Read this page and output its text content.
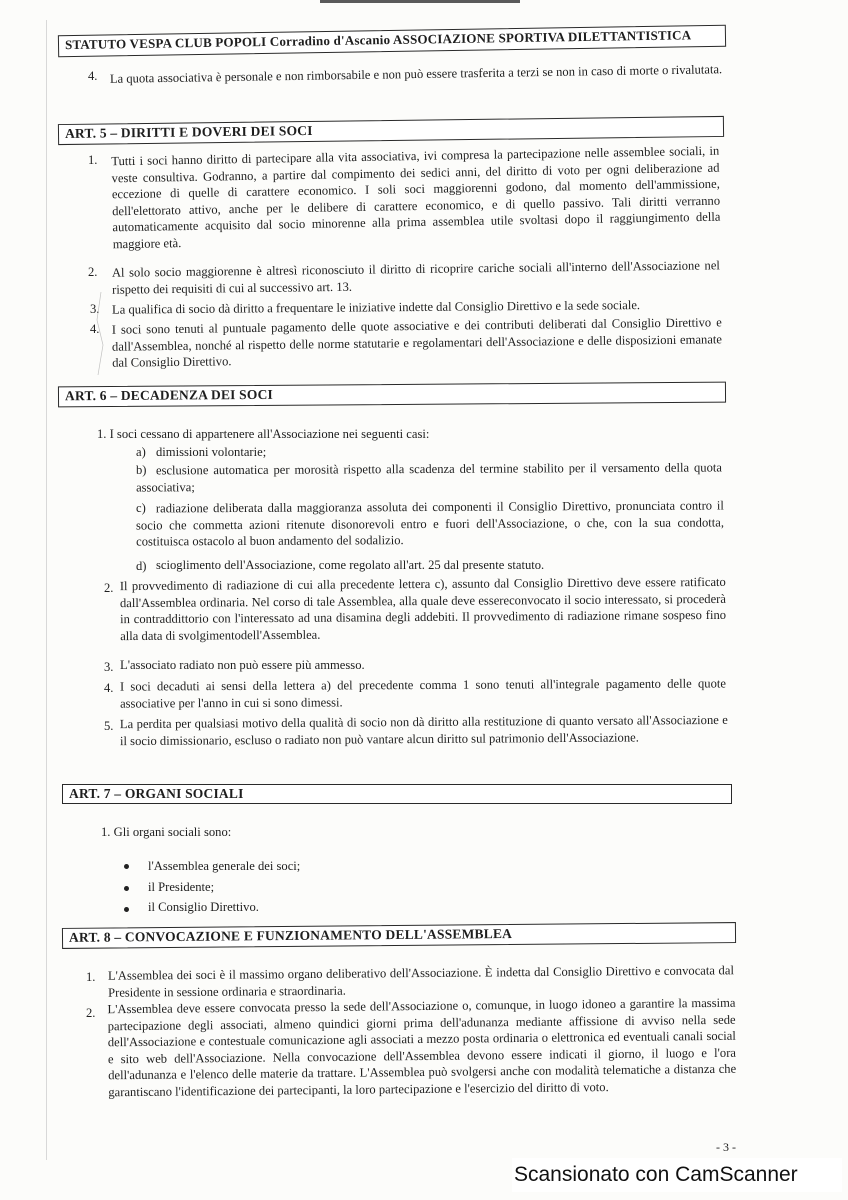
STATUTO VESPA CLUB POPOLI Corradino d'Ascanio ASSOCIAZIONE SPORTIVA DILETTANTISTICA
4. La quota associativa è personale e non rimborsabile e non può essere trasferita a terzi se non in caso di morte o rivalutata.
ART. 5 – DIRITTI E DOVERI DEI SOCI
1. Tutti i soci hanno diritto di partecipare alla vita associativa, ivi compresa la partecipazione nelle assemblee sociali, in veste consultiva. Godranno, a partire dal compimento dei sedici anni, del diritto di voto per ogni deliberazione ad eccezione di quelle di carattere economico. I soli soci maggiorenni godono, dal momento dell'ammissione, dell'elettorato attivo, anche per le delibere di carattere economico, e di quello passivo. Tali diritti verranno automaticamente acquisito dal socio minorenne alla prima assemblea utile svoltasi dopo il raggiungimento della maggiore età.
2. Al solo socio maggiorenne è altresì riconosciuto il diritto di ricoprire cariche sociali all'interno dell'Associazione nel rispetto dei requisiti di cui al successivo art. 13.
3. La qualifica di socio dà diritto a frequentare le iniziative indette dal Consiglio Direttivo e la sede sociale.
4. I soci sono tenuti al puntuale pagamento delle quote associative e dei contributi deliberati dal Consiglio Direttivo e dall'Assemblea, nonché al rispetto delle norme statutarie e regolamentari dell'Associazione e delle disposizioni emanate dal Consiglio Direttivo.
ART. 6 – DECADENZA DEI SOCI
1. I soci cessano di appartenere all'Associazione nei seguenti casi:
a) dimissioni volontarie;
b) esclusione automatica per morosità rispetto alla scadenza del termine stabilito per il versamento della quota associativa;
c) radiazione deliberata dalla maggioranza assoluta dei componenti il Consiglio Direttivo, pronunciata contro il socio che commetta azioni ritenute disonorevoli entro e fuori dell'Associazione, o che, con la sua condotta, costituisca ostacolo al buon andamento del sodalizio.
d) scioglimento dell'Associazione, come regolato all'art. 25 dal presente statuto.
2. Il provvedimento di radiazione di cui alla precedente lettera c), assunto dal Consiglio Direttivo deve essere ratificato dall'Assemblea ordinaria. Nel corso di tale Assemblea, alla quale deve essereconvocato il socio interessato, si procederà in contraddittorio con l'interessato ad una disamina degli addebiti. Il provvedimento di radiazione rimane sospeso fino alla data di svolgimentodell'Assemblea.
3. L'associato radiato non può essere più ammesso.
4. I soci decaduti ai sensi della lettera a) del precedente comma 1 sono tenuti all'integrale pagamento delle quote associative per l'anno in cui si sono dimessi.
5. La perdita per qualsiasi motivo della qualità di socio non dà diritto alla restituzione di quanto versato all'Associazione e il socio dimissionario, escluso o radiato non può vantare alcun diritto sul patrimonio dell'Associazione.
ART. 7 – ORGANI SOCIALI
1. Gli organi sociali sono:
l'Assemblea generale dei soci;
il Presidente;
il Consiglio Direttivo.
ART. 8 – CONVOCAZIONE E FUNZIONAMENTO DELL'ASSEMBLEA
1. L'Assemblea dei soci è il massimo organo deliberativo dell'Associazione. È indetta dal Consiglio Direttivo e convocata dal Presidente in sessione ordinaria e straordinaria.
2. L'Assemblea deve essere convocata presso la sede dell'Associazione o, comunque, in luogo idoneo a garantire la massima partecipazione degli associati, almeno quindici giorni prima dell'adunanza mediante affissione di avviso nella sede dell'Associazione e contestuale comunicazione agli associati a mezzo posta ordinaria o elettronica ed eventuali canali social e sito web dell'Associazione. Nella convocazione dell'Assemblea devono essere indicati il giorno, il luogo e l'ora dell'adunanza e l'elenco delle materie da trattare. L'Assemblea può svolgersi anche con modalità telematiche a distanza che garantiscano l'identificazione dei partecipanti, la loro partecipazione e l'esercizio del diritto di voto.
- 3 -
Scansionato con CamScanner
